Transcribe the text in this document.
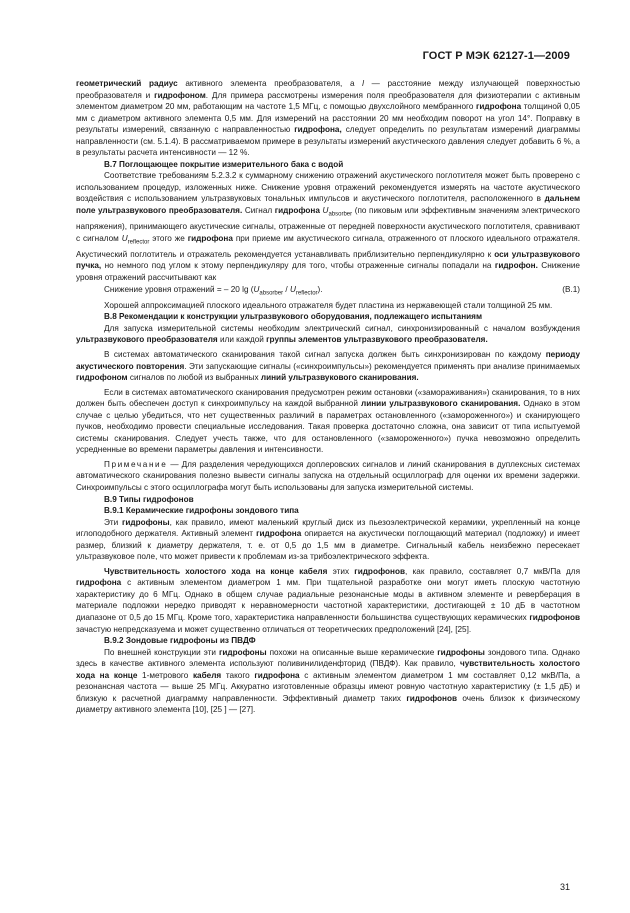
ГОСТ Р МЭК 62127-1—2009

геометрический радиус активного элемента преобразователя, а l — расстояние между излучающей поверхностью преобразователя и гидрофоном. Для примера рассмотрены измерения поля преобразователя для физиотерапии с активным элементом диаметром 20 мм, работающим на частоте 1,5 МГц, с помощью двухслойного мембранного гидрофона толщиной 0,05 мм с диаметром активного элемента 0,5 мм. Для измерений на расстоянии 20 мм необходим поворот на угол 14°. Поправку в результаты измерений, связанную с направленностью гидрофона, следует определить по результатам измерений диаграммы направленности (см. 5.1.4). В рассматриваемом примере в результаты измерений акустического давления следует добавить 6 %, а в результаты расчета интенсивности — 12 %.

В.7 Поглощающее покрытие измерительного бака с водой

Соответствие требованиям 5.2.3.2 к суммарному снижению отражений акустического поглотителя может быть проверено с использованием процедур, изложенных ниже. Снижение уровня отражений рекомендуется измерять на частоте акустического воздействия с использованием ультразвуковых тональных импульсов и акустического поглотителя, расположенного в дальнем поле ультразвукового преобразователя. Сигнал гидрофона $U_{absorber}$ (по пиковым или эффективным значениям электрического напряжения), принимающего акустические сигналы, отраженные от передней поверхности акустического поглотителя, сравнивают с сигналом $U_{reflector}$ этого же гидрофона при приеме им акустического сигнала, отраженного от плоского идеального отражателя. Акустический поглотитель и отражатель рекомендуется устанавливать приблизительно перпендикулярно к оси ультразвукового пучка, но немного под углом к этому перпендикуляру для того, чтобы отраженные сигналы попадали на гидрофон. Снижение уровня отражений рассчитывают как

Снижение уровня отражений = – 20 $\lg (U_{absorber} / U_{reflector})$.	(В.1)

Хорошей аппроксимацией плоского идеального отражателя будет пластина из нержавеющей стали толщиной 25 мм.

В.8 Рекомендации к конструкции ультразвукового оборудования, подлежащего испытаниям

Для запуска измерительной системы необходим электрический сигнал, синхронизированный с началом возбуждения ультразвукового преобразователя или каждой группы элементов ультразвукового преобразователя.

В системах автоматического сканирования такой сигнал запуска должен быть синхронизирован по каждому периоду акустического повторения. Эти запускающие сигналы («синхроимпульсы») рекомендуется применять при анализе принимаемых гидрофоном сигналов по любой из выбранных линий ультразвукового сканирования.

Если в системах автоматического сканирования предусмотрен режим остановки («замораживания») сканирования, то в них должен быть обеспечен доступ к синхроимпульсу на каждой выбранной линии ультразвукового сканирования. Однако в этом случае с целью убедиться, что нет существенных различий в параметрах остановленного («замороженного») и сканирующего пучков, необходимо провести специальные исследования. Такая проверка достаточно сложна, она зависит от типа испытуемой системы сканирования. Следует учесть также, что для остановленного («замороженного») пучка невозможно определить усредненные во времени параметры давления и интенсивности.

Примечание — Для разделения чередующихся доплеровских сигналов и линий сканирования в дуплексных системах автоматического сканирования полезно вывести сигналы запуска на отдельный осциллограф для оценки их времени задержки. Синхроимпульсы с этого осциллографа могут быть использованы для запуска измерительной системы.

В.9 Типы гидрофонов
В.9.1 Керамические гидрофоны зондового типа

Эти гидрофоны, как правило, имеют маленький круглый диск из пьезоэлектрической керамики, укрепленный на конце иглоподобного держателя. Активный элемент гидрофона опирается на акустически поглощающий материал (подложку) и имеет размер, близкий к диаметру держателя, т. е. от 0,5 до 1,5 мм в диаметре. Сигнальный кабель неизбежно пересекает ультразвуковое поле, что может привести к проблемам из-за трибоэлектрического эффекта.

Чувствительность холостого хода на конце кабеля этих гидрофонов, как правило, составляет 0,7 мкВ/Па для гидрофона с активным элементом диаметром 1 мм. При тщательной разработке они могут иметь плоскую частотную характеристику до 6 МГц. Однако в общем случае радиальные резонансные моды в активном элементе и реверберация в материале подложки нередко приводят к неравномерности частотной характеристики, достигающей ± 10 дБ в частотном диапазоне от 0,5 до 15 МГц. Кроме того, характеристика направленности большинства существующих керамических гидрофонов зачастую непредсказуема и может существенно отличаться от теоретических предположений [24], [25].

В.9.2 Зондовые гидрофоны из ПВДФ

По внешней конструкции эти гидрофоны похожи на описанные выше керамические гидрофоны зондового типа. Однако здесь в качестве активного элемента используют поливинилиденфторид (ПВДФ). Как правило, чувствительность холостого хода на конце 1-метрового кабеля такого гидрофона с активным элементом диаметром 1 мм составляет 0,12 мкВ/Па, а резонансная частота — выше 25 МГц. Аккуратно изготовленные образцы имеют ровную частотную характеристику (± 1,5 дБ) и близкую к расчетной диаграмму направленности. Эффективный диаметр таких гидрофонов очень близок к физическому диаметру активного элемента [10], [25 ] — [27].

31
